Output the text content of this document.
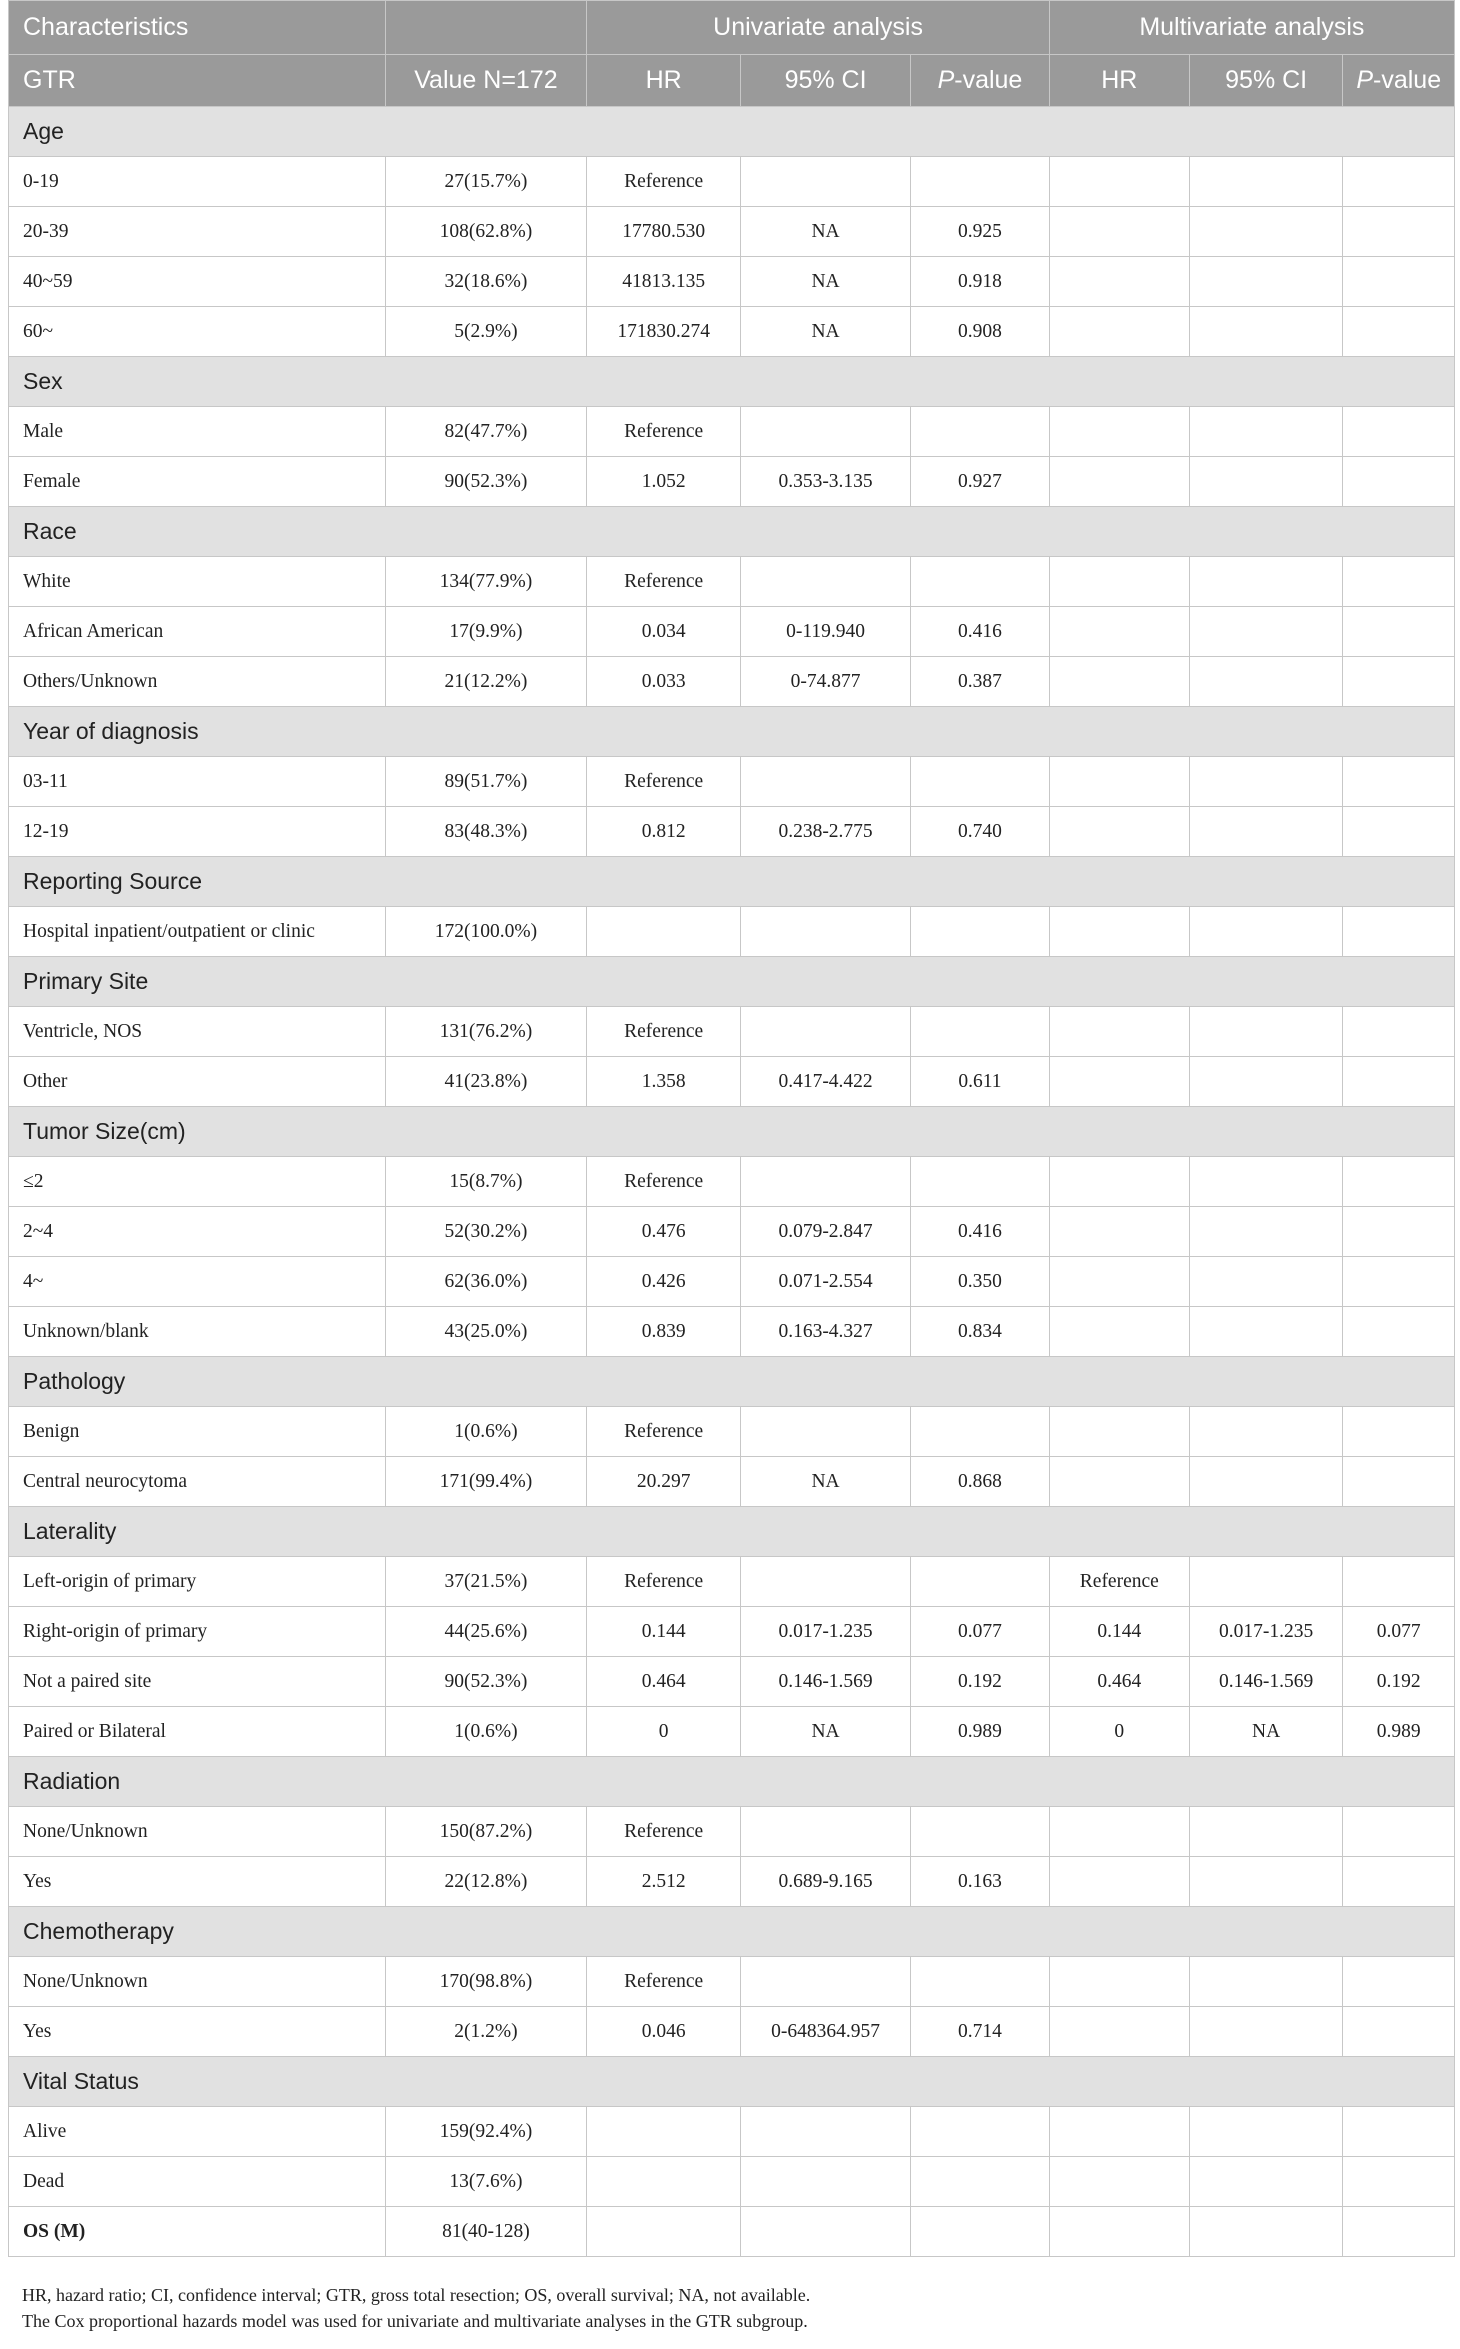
Characteristics		Univariate analysis			Multivariate analysis		
GTR	Value N=172	HR	95% CI	P-value	HR	95% CI	P-value
Age							
0-19	27(15.7%)	Reference					
20-39	108(62.8%)	17780.530	NA	0.925			
40~59	32(18.6%)	41813.135	NA	0.918			
60~	5(2.9%)	171830.274	NA	0.908			
Sex							
Male	82(47.7%)	Reference					
Female	90(52.3%)	1.052	0.353-3.135	0.927			
Race							
White	134(77.9%)	Reference					
African American	17(9.9%)	0.034	0-119.940	0.416			
Others/Unknown	21(12.2%)	0.033	0-74.877	0.387			
Year of diagnosis							
03-11	89(51.7%)	Reference					
12-19	83(48.3%)	0.812	0.238-2.775	0.740			
Reporting Source							
Hospital inpatient/outpatient or clinic	172(100.0%)						
Primary Site							
Ventricle, NOS	131(76.2%)	Reference					
Other	41(23.8%)	1.358	0.417-4.422	0.611			
Tumor Size(cm)							
≤2	15(8.7%)	Reference					
2~4	52(30.2%)	0.476	0.079-2.847	0.416			
4~	62(36.0%)	0.426	0.071-2.554	0.350			
Unknown/blank	43(25.0%)	0.839	0.163-4.327	0.834			
Pathology							
Benign	1(0.6%)	Reference					
Central neurocytoma	171(99.4%)	20.297	NA	0.868			
Laterality							
Left-origin of primary	37(21.5%)	Reference			Reference		
Right-origin of primary	44(25.6%)	0.144	0.017-1.235	0.077	0.144	0.017-1.235	0.077
Not a paired site	90(52.3%)	0.464	0.146-1.569	0.192	0.464	0.146-1.569	0.192
Paired or Bilateral	1(0.6%)	0	NA	0.989	0	NA	0.989
Radiation							
None/Unknown	150(87.2%)	Reference					
Yes	22(12.8%)	2.512	0.689-9.165	0.163			
Chemotherapy							
None/Unknown	170(98.8%)	Reference					
Yes	2(1.2%)	0.046	0-648364.957	0.714			
Vital Status							
Alive	159(92.4%)						
Dead	13(7.6%)						
OS (M)	81(40-128)						
HR, hazard ratio; CI, confidence interval; GTR, gross total resection; OS, overall survival; NA, not available.
The Cox proportional hazards model was used for univariate and multivariate analyses in the GTR subgroup.
